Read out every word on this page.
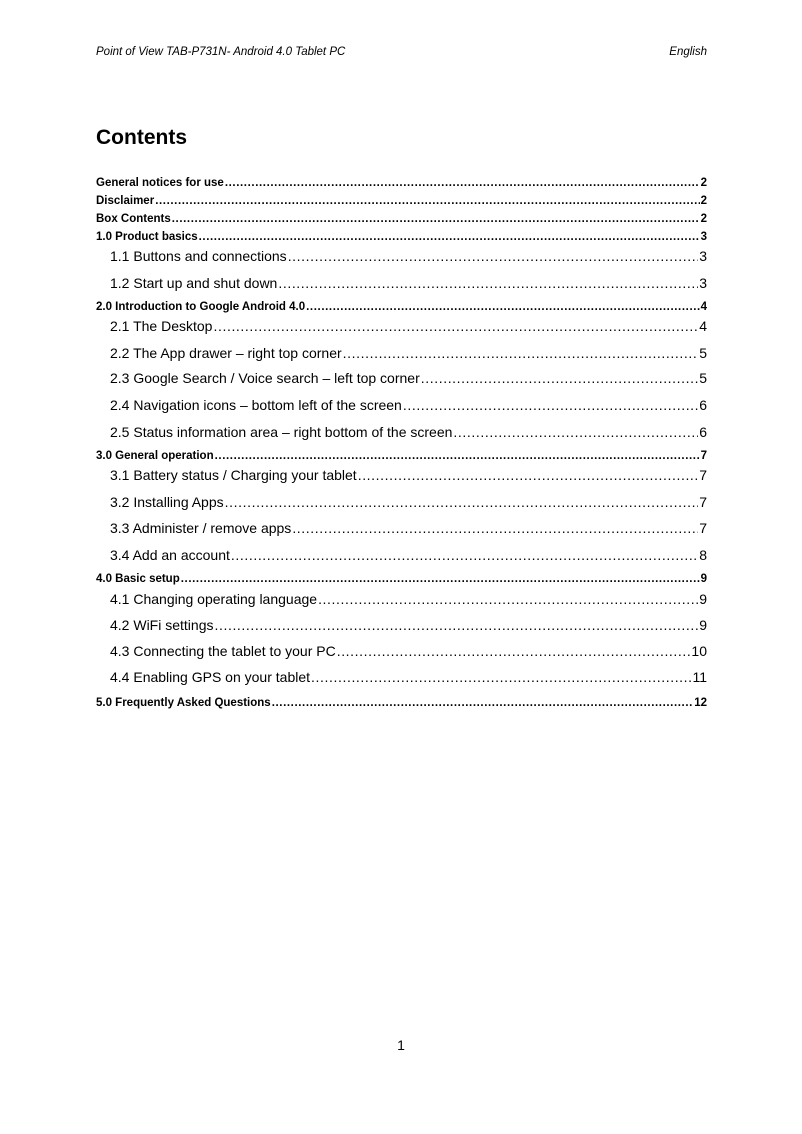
Point of View TAB-P731N- Android 4.0 Tablet PC	English
Contents
General notices for use .....	2
Disclaimer .....	2
Box Contents .....	2
1.0 Product basics .....	3
1.1 Buttons and connections .....	3
1.2 Start up and shut down .....	3
2.0 Introduction to Google Android 4.0 .....	4
2.1 The Desktop .....	4
2.2 The App drawer – right top corner .....	5
2.3 Google Search / Voice search – left top corner .....	5
2.4 Navigation icons – bottom left of the screen .....	6
2.5 Status information area – right bottom of the screen .....	6
3.0 General operation .....	7
3.1 Battery status / Charging your tablet .....	7
3.2 Installing Apps .....	7
3.3 Administer / remove apps .....	7
3.4 Add an account .....	8
4.0 Basic setup .....	9
4.1 Changing operating language .....	9
4.2 WiFi settings .....	9
4.3 Connecting the tablet to your PC .....	10
4.4 Enabling GPS on your tablet .....	11
5.0 Frequently Asked Questions .....	12
1
